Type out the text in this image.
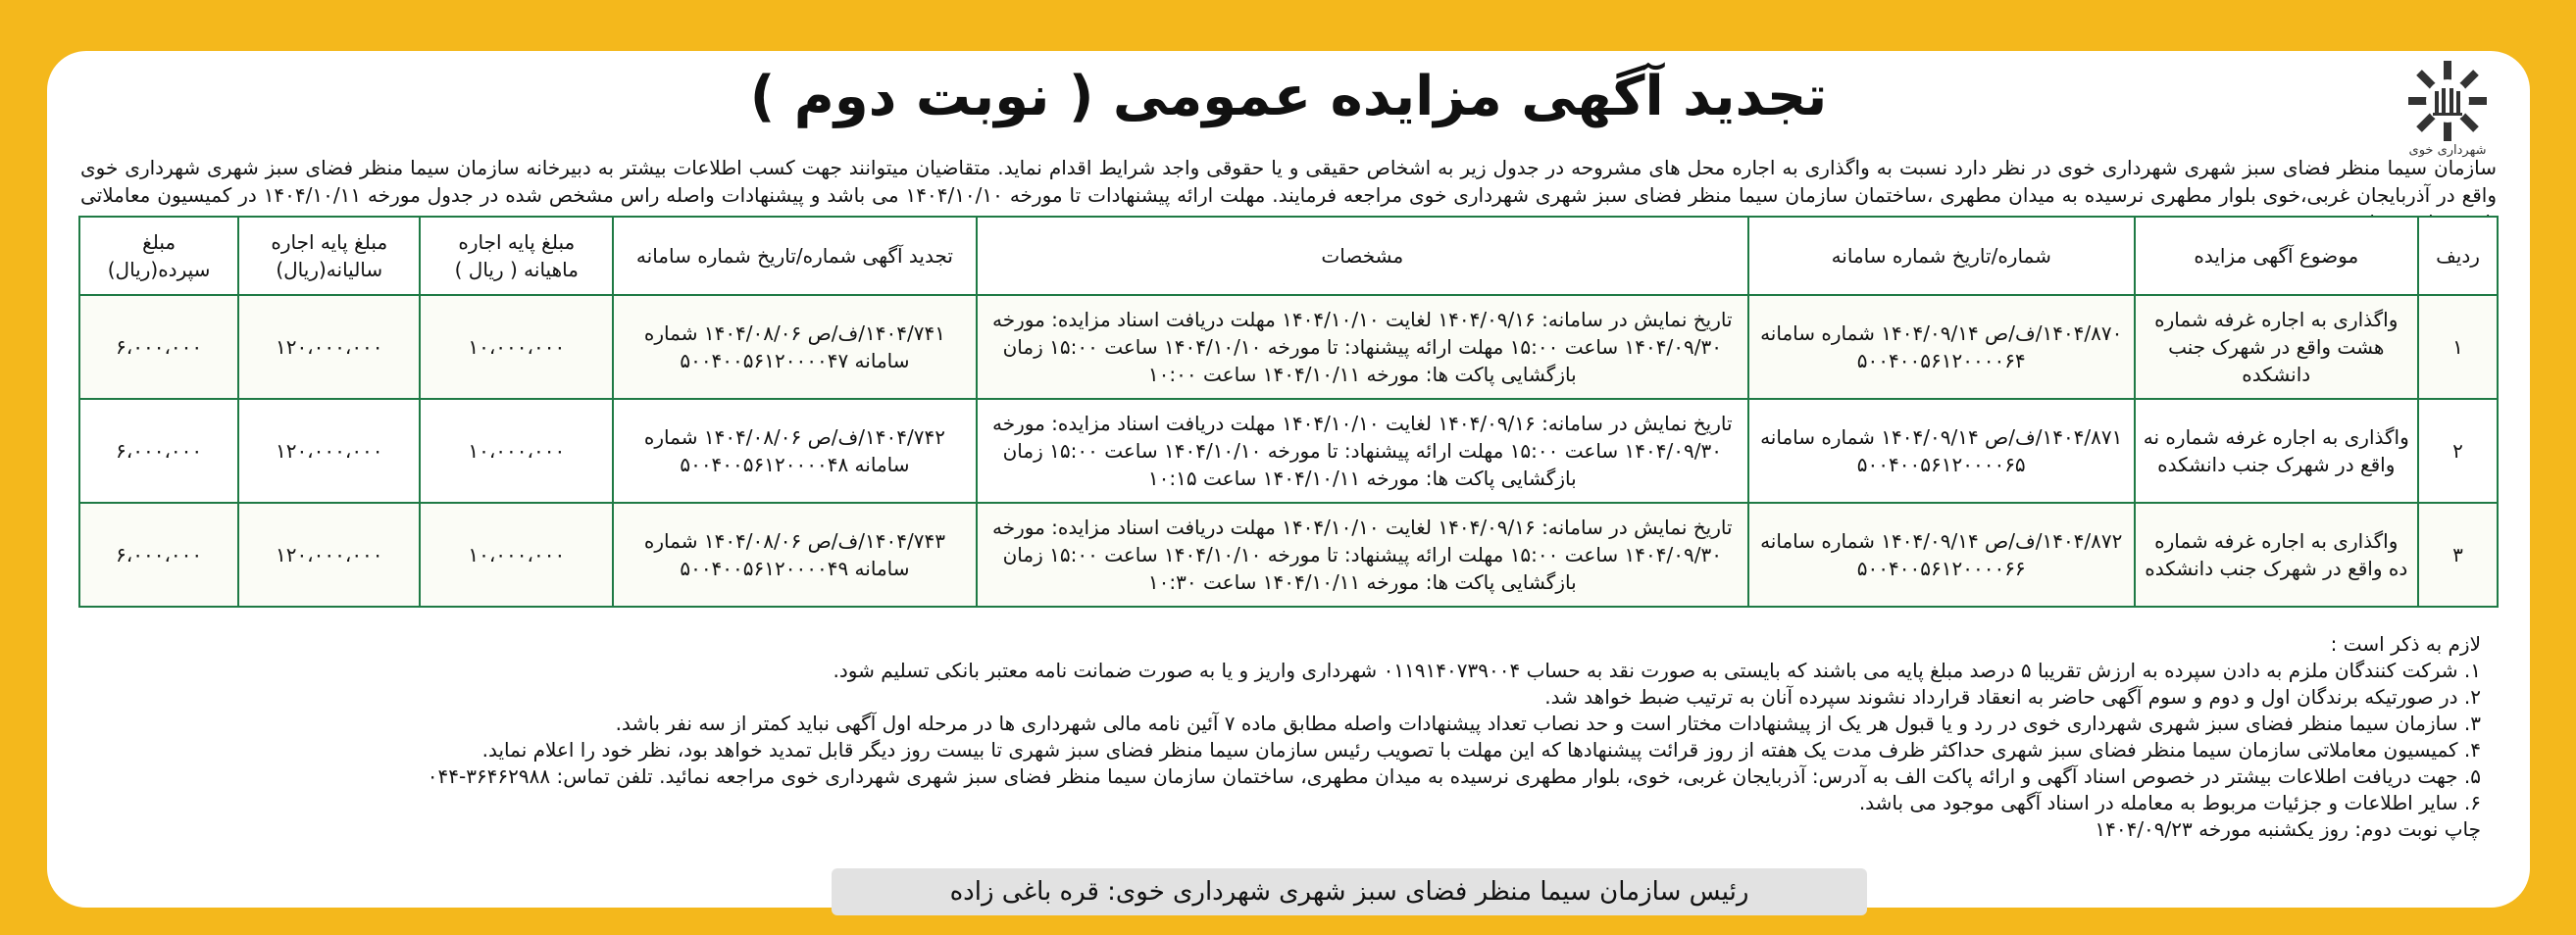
شهرداری خوی
تجدید آگهی مزایده عمومی ( نوبت دوم )
سازمان سیما منظر فضای سبز شهری شهرداری خوی در نظر دارد نسبت به واگذاری به اجاره محل های مشروحه در جدول زیر به اشخاص حقیقی و یا حقوقی واجد شرایط اقدام نماید. متقاضیان میتوانند جهت کسب اطلاعات بیشتر به دبیرخانه سازمان سیما منظر فضای سبز شهری شهرداری خوی واقع در آذربایجان غربی،خوی بلوار مطهری نرسیده به میدان مطهری ،ساختمان سازمان سیما منظر فضای سبز شهری شهرداری خوی مراجعه فرمایند. مهلت ارائه پیشنهادات تا مورخه ۱۴۰۴/۱۰/۱۰ می باشد و پیشنهادات واصله راس مشخص شده در جدول مورخه ۱۴۰۴/۱۰/۱۱ در کمیسیون معاملاتی
ردیف	موضوع آگهی مزایده	شماره/تاریخ شماره سامانه	مشخصات	تجدید آگهی شماره/تاریخ شماره سامانه	مبلغ پایه اجاره ماهیانه ( ریال )	مبلغ پایه اجاره سالیانه(ریال)	مبلغ سپرده(ریال)
۱	واگذاری به اجاره غرفه شماره هشت واقع در شهرک جنب دانشکده	۱۴۰۴/۸۷۰/ف/ص ۱۴۰۴/۰۹/۱۴ شماره سامانه ۵۰۰۴۰۰۵۶۱۲۰۰۰۰۶۴	تاریخ نمایش در سامانه: ۱۴۰۴/۰۹/۱۶ لغایت ۱۴۰۴/۱۰/۱۰ مهلت دریافت اسناد مزایده: مورخه ۱۴۰۴/۰۹/۳۰ ساعت ۱۵:۰۰ مهلت ارائه پیشنهاد: تا مورخه ۱۴۰۴/۱۰/۱۰ ساعت ۱۵:۰۰ زمان بازگشایی پاکت ها: مورخه ۱۴۰۴/۱۰/۱۱ ساعت ۱۰:۰۰	۱۴۰۴/۷۴۱/ف/ص ۱۴۰۴/۰۸/۰۶ شماره سامانه ۵۰۰۴۰۰۵۶۱۲۰۰۰۰۴۷	۱۰،۰۰۰،۰۰۰	۱۲۰،۰۰۰،۰۰۰	۶،۰۰۰،۰۰۰
۲	واگذاری به اجاره غرفه شماره نه واقع در شهرک جنب دانشکده	۱۴۰۴/۸۷۱/ف/ص ۱۴۰۴/۰۹/۱۴ شماره سامانه ۵۰۰۴۰۰۵۶۱۲۰۰۰۰۶۵	تاریخ نمایش در سامانه: ۱۴۰۴/۰۹/۱۶ لغایت ۱۴۰۴/۱۰/۱۰ مهلت دریافت اسناد مزایده: مورخه ۱۴۰۴/۰۹/۳۰ ساعت ۱۵:۰۰ مهلت ارائه پیشنهاد: تا مورخه ۱۴۰۴/۱۰/۱۰ ساعت ۱۵:۰۰ زمان بازگشایی پاکت ها: مورخه ۱۴۰۴/۱۰/۱۱ ساعت ۱۰:۱۵	۱۴۰۴/۷۴۲/ف/ص ۱۴۰۴/۰۸/۰۶ شماره سامانه ۵۰۰۴۰۰۵۶۱۲۰۰۰۰۴۸	۱۰،۰۰۰،۰۰۰	۱۲۰،۰۰۰،۰۰۰	۶،۰۰۰،۰۰۰
۳	واگذاری به اجاره غرفه شماره ده واقع در شهرک جنب دانشکده	۱۴۰۴/۸۷۲/ف/ص ۱۴۰۴/۰۹/۱۴ شماره سامانه ۵۰۰۴۰۰۵۶۱۲۰۰۰۰۶۶	تاریخ نمایش در سامانه: ۱۴۰۴/۰۹/۱۶ لغایت ۱۴۰۴/۱۰/۱۰ مهلت دریافت اسناد مزایده: مورخه ۱۴۰۴/۰۹/۳۰ ساعت ۱۵:۰۰ مهلت ارائه پیشنهاد: تا مورخه ۱۴۰۴/۱۰/۱۰ ساعت ۱۵:۰۰ زمان بازگشایی پاکت ها: مورخه ۱۴۰۴/۱۰/۱۱ ساعت ۱۰:۳۰	۱۴۰۴/۷۴۳/ف/ص ۱۴۰۴/۰۸/۰۶ شماره سامانه ۵۰۰۴۰۰۵۶۱۲۰۰۰۰۴۹	۱۰،۰۰۰،۰۰۰	۱۲۰،۰۰۰،۰۰۰	۶،۰۰۰،۰۰۰
لازم به ذکر است :
۱. شرکت کنندگان ملزم به دادن سپرده به ارزش تقریبا ۵ درصد مبلغ پایه می باشند که بایستی به صورت نقد به حساب ۰۱۱۹۱۴۰۷۳۹۰۰۴ شهرداری واریز و یا به صورت ضمانت نامه معتبر بانکی تسلیم شود.
۲. در صورتیکه برندگان اول و دوم و سوم آگهی حاضر به انعقاد قرارداد نشوند سپرده آنان به ترتیب ضبط خواهد شد.
۳. سازمان سیما منظر فضای سبز شهری شهرداری خوی در رد و یا قبول هر یک از پیشنهادات مختار است و حد نصاب تعداد پیشنهادات واصله مطابق ماده ۷ آئین نامه مالی شهرداری ها در مرحله اول آگهی نباید کمتر از سه نفر باشد.
۴. کمیسیون معاملاتی سازمان سیما منظر فضای سبز شهری حداکثر ظرف مدت یک هفته از روز قرائت پیشنهادها که این مهلت با تصویب رئیس سازمان سیما منظر فضای سبز شهری تا بیست روز دیگر قابل تمدید خواهد بود، نظر خود را اعلام نماید.
۵. جهت دریافت اطلاعات بیشتر در خصوص اسناد آگهی و ارائه پاکت الف به آدرس: آذربایجان غربی، خوی، بلوار مطهری نرسیده به میدان مطهری، ساختمان سازمان سیما منظر فضای سبز شهری شهرداری خوی مراجعه نمائید. تلفن تماس: ۳۶۴۶۲۹۸۸-۰۴۴
۶. سایر اطلاعات و جزئیات مربوط به معامله در اسناد آگهی موجود می باشد.
چاپ نوبت دوم: روز یکشنبه مورخه ۱۴۰۴/۰۹/۲۳
رئیس سازمان سیما منظر فضای سبز شهری شهرداری خوی: قره باغی زاده
